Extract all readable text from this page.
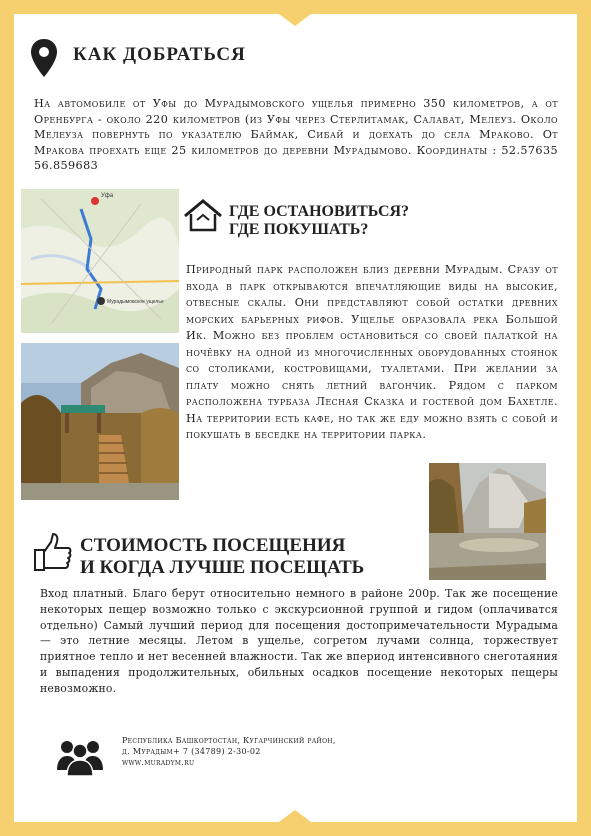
КАК ДОБРАТЬСЯ
На автомобиле от Уфы до Мурадымовского ущелья примерно 350 километров, а от Оренбурга - около 220 километров (из Уфы через Стерлитамак, Салават, Мелеуз. Около Мелеуза повернуть по указателю Баймак, Сибай и доехать до села Мраково. От Мракова проехать еще 25 километров до деревни Мурадымово. Координаты : 52.57635 56.859683
Мурадымовское ущелье
Уфа
ГДЕ ОСТАНОВИТЬСЯ?
ГДЕ ПОКУШАТЬ?
Природный парк расположен близ деревни Мурадым. Сразу от входа в парк открываются впечатляющие виды на высокие, отвесные скалы. Они представляют собой остатки древних морских барьерных рифов. Ущелье образовала река Большой Ик. Можно без проблем остановиться со своей палаткой на ночёвку на одной из многочисленных оборудованных стоянок со столиками, костровищами, туалетами. При желании за плату можно снять летний вагончик. Рядом с парком расположена турбаза Лесная Сказка и гостевой дом Бахетле. На территории есть кафе, но так же еду можно взять с собой и покушать в беседке на территории парка.
СТОИМОСТЬ ПОСЕЩЕНИЯ
И КОГДА ЛУЧШЕ ПОСЕЩАТЬ
Вход платный. Благо берут относительно немного в районе 200р. Так же посещение некоторых пещер возможно только с экскурсионной группой и гидом (оплачиватся отдельно) Самый лучший период для посещения достопримечательности Мурадыма — это летние месяцы. Летом в ущелье, согретом лучами солнца, торжествует приятное тепло и нет весенней влажности. Так же впериод интенсивного снеготаяния и выпадения продолжительных, обильных осадков посещение некоторых пещеры невозможно.
Республика Башкортостан, Кугарчинский район,
д. Мурадым+ 7 (34789) 2-30-02
www.muradym.ru
